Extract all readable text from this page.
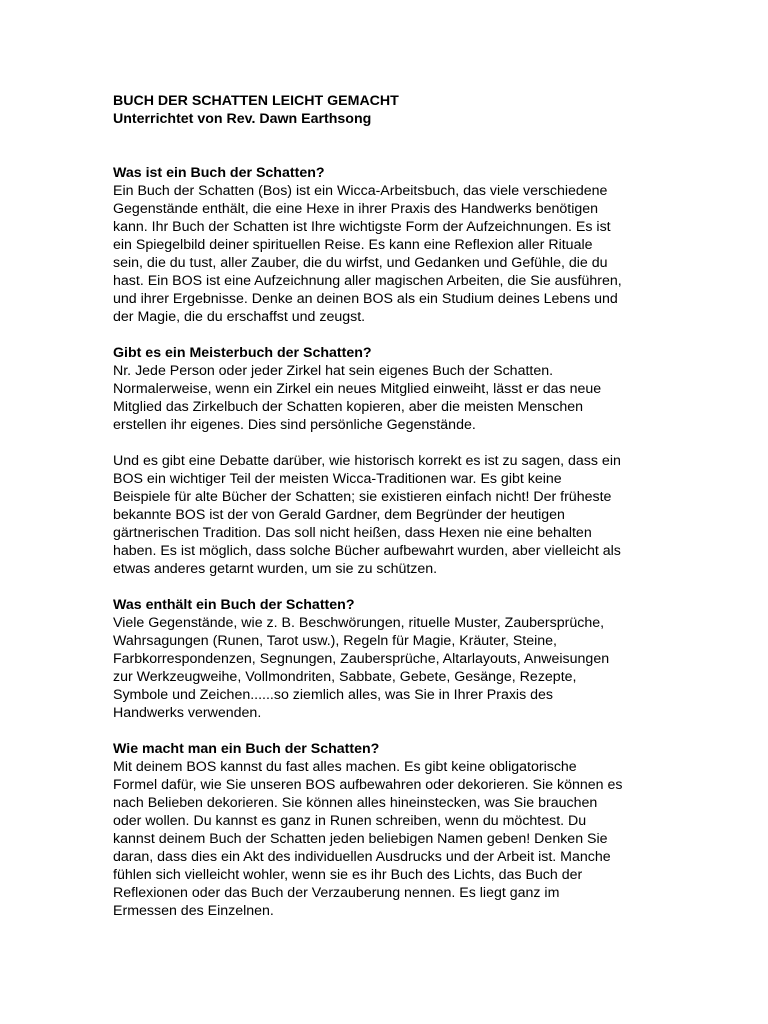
BUCH DER SCHATTEN LEICHT GEMACHT
Unterrichtet von Rev. Dawn Earthsong
Was ist ein Buch der Schatten?
Ein Buch der Schatten (Bos) ist ein Wicca-Arbeitsbuch, das viele verschiedene
Gegenstände enthält, die eine Hexe in ihrer Praxis des Handwerks benötigen
kann. Ihr Buch der Schatten ist Ihre wichtigste Form der Aufzeichnungen. Es ist
ein Spiegelbild deiner spirituellen Reise. Es kann eine Reflexion aller Rituale
sein, die du tust, aller Zauber, die du wirfst, und Gedanken und Gefühle, die du
hast. Ein BOS ist eine Aufzeichnung aller magischen Arbeiten, die Sie ausführen,
und ihrer Ergebnisse. Denke an deinen BOS als ein Studium deines Lebens und
der Magie, die du erschaffst und zeugst.
Gibt es ein Meisterbuch der Schatten?
Nr. Jede Person oder jeder Zirkel hat sein eigenes Buch der Schatten.
Normalerweise, wenn ein Zirkel ein neues Mitglied einweiht, lässt er das neue
Mitglied das Zirkelbuch der Schatten kopieren, aber die meisten Menschen
erstellen ihr eigenes. Dies sind persönliche Gegenstände.
Und es gibt eine Debatte darüber, wie historisch korrekt es ist zu sagen, dass ein
BOS ein wichtiger Teil der meisten Wicca-Traditionen war. Es gibt keine
Beispiele für alte Bücher der Schatten; sie existieren einfach nicht! Der früheste
bekannte BOS ist der von Gerald Gardner, dem Begründer der heutigen
gärtnerischen Tradition. Das soll nicht heißen, dass Hexen nie eine behalten
haben. Es ist möglich, dass solche Bücher aufbewahrt wurden, aber vielleicht als
etwas anderes getarnt wurden, um sie zu schützen.
Was enthält ein Buch der Schatten?
Viele Gegenstände, wie z. B. Beschwörungen, rituelle Muster, Zaubersprüche,
Wahrsagungen (Runen, Tarot usw.), Regeln für Magie, Kräuter, Steine,
Farbkorrespondenzen, Segnungen, Zaubersprüche, Altarlayouts, Anweisungen
zur Werkzeugweihe, Vollmondriten, Sabbate, Gebete, Gesänge, Rezepte,
Symbole und Zeichen......so ziemlich alles, was Sie in Ihrer Praxis des
Handwerks verwenden.
Wie macht man ein Buch der Schatten?
Mit deinem BOS kannst du fast alles machen. Es gibt keine obligatorische
Formel dafür, wie Sie unseren BOS aufbewahren oder dekorieren. Sie können es
nach Belieben dekorieren. Sie können alles hineinstecken, was Sie brauchen
oder wollen. Du kannst es ganz in Runen schreiben, wenn du möchtest. Du
kannst deinem Buch der Schatten jeden beliebigen Namen geben! Denken Sie
daran, dass dies ein Akt des individuellen Ausdrucks und der Arbeit ist. Manche
fühlen sich vielleicht wohler, wenn sie es ihr Buch des Lichts, das Buch der
Reflexionen oder das Buch der Verzauberung nennen. Es liegt ganz im
Ermessen des Einzelnen.
